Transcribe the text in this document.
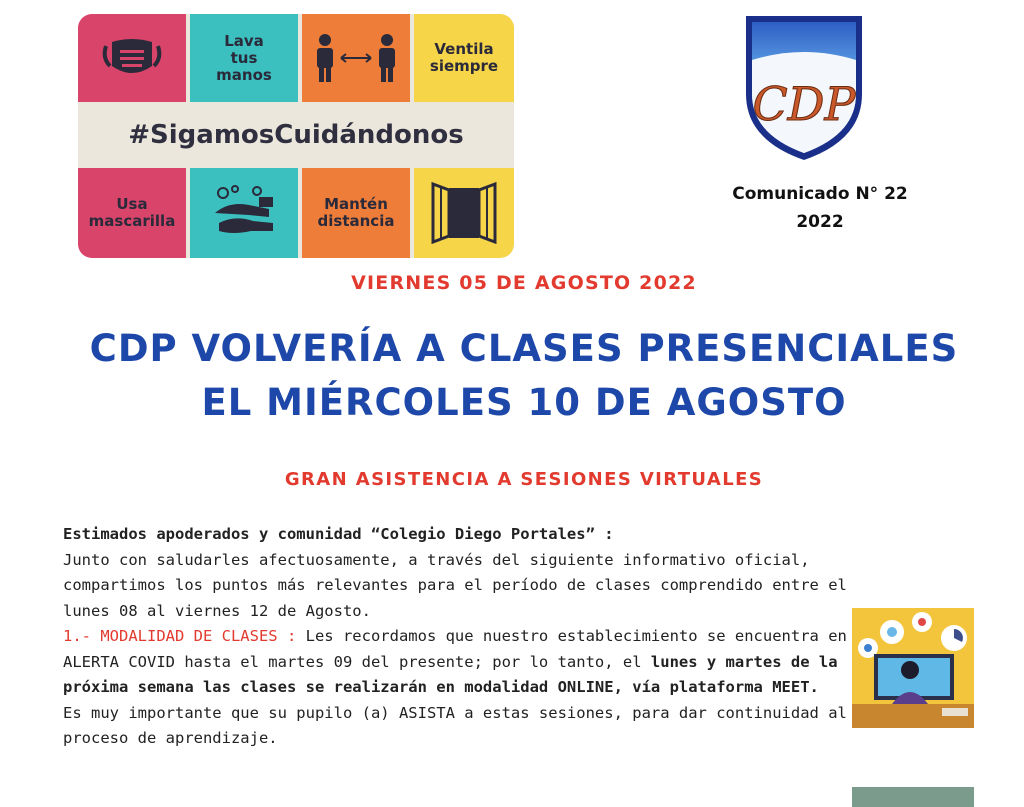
Lava tus manos
Ventila siempre
#SigamosCuidándonos
Usa mascarilla
Mantén distancia
CDP
Comunicado N° 22
2022
VIERNES 05 DE AGOSTO 2022
CDP VOLVERÍA A CLASES PRESENCIALES
EL MIÉRCOLES 10 DE AGOSTO
GRAN ASISTENCIA A SESIONES VIRTUALES

Estimados apoderados y comunidad “Colegio Diego Portales” :

Junto con saludarles afectuosamente, a través del siguiente informativo oficial, compartimos los puntos más relevantes para el período de clases comprendido entre el lunes 08 al viernes 12 de Agosto.

1.- MODALIDAD DE CLASES : Les recordamos que nuestro establecimiento se encuentra en ALERTA COVID hasta el martes 09 del presente; por lo tanto, el lunes y martes de la próxima semana las clases se realizarán en modalidad ONLINE, vía plataforma MEET.

Es muy importante que su pupilo (a) ASISTA a estas sesiones, para dar continuidad al proceso de aprendizaje.
